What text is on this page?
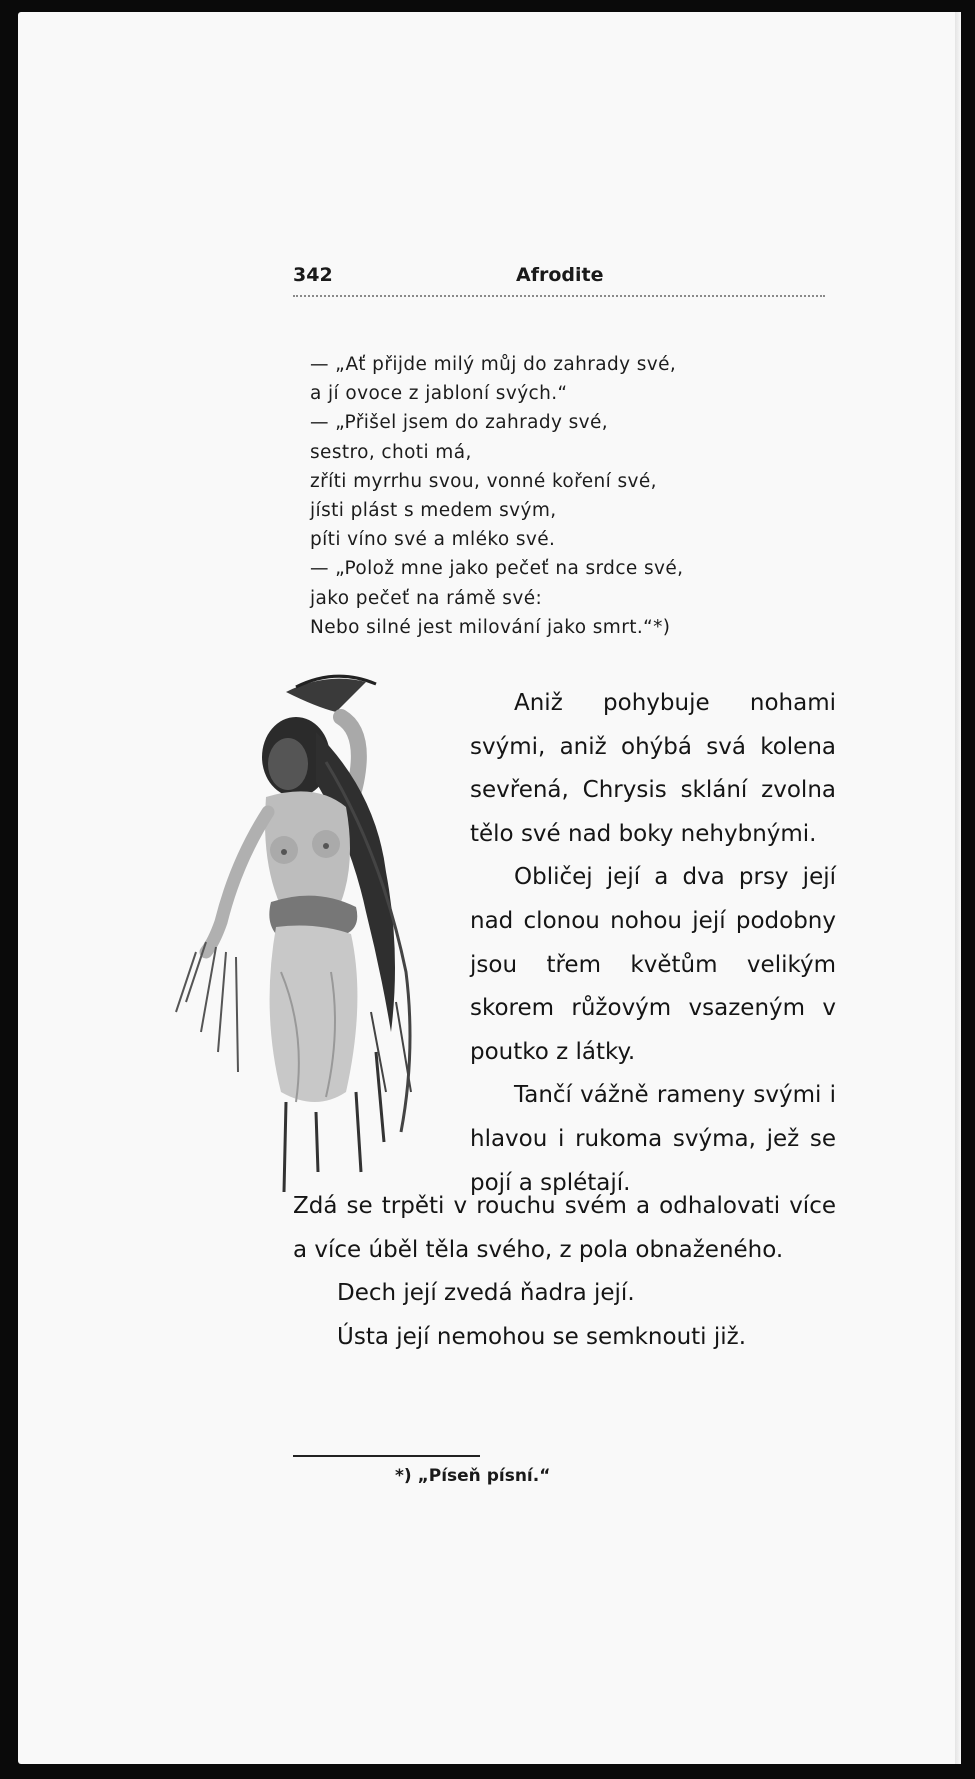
342	Afrodite
— „Ať přijde milý můj do zahrady své,
a jí ovoce z jabloní svých.“
— „Přišel jsem do zahrady své,
sestro, choti má,
zříti myrrhu svou, vonné koření své,
jísti plást s medem svým,
píti víno své a mléko své.
— „Polož mne jako pečeť na srdce své,
jako pečeť na rámě své:
Nebo silné jest milování jako smrt.“*)

Aniž pohybuje nohami svými, aniž ohýbá svá kolena sevřená, Chrysis sklání zvolna tělo své nad boky nehybnými.

Obličej její a dva prsy její nad clonou nohou její podobny jsou třem květům velikým skorem růžovým vsazeným v poutko z látky.

Tančí vážně rameny svými i hlavou i rukoma svýma, jež se pojí a splétají.

Zdá se trpěti v rouchu svém a odhalovati více a více úběl těla svého, z pola obnaženého.

Dech její zvedá ňadra její.

Ústa její nemohou se semknouti již.

*) „Píseň písní.“
